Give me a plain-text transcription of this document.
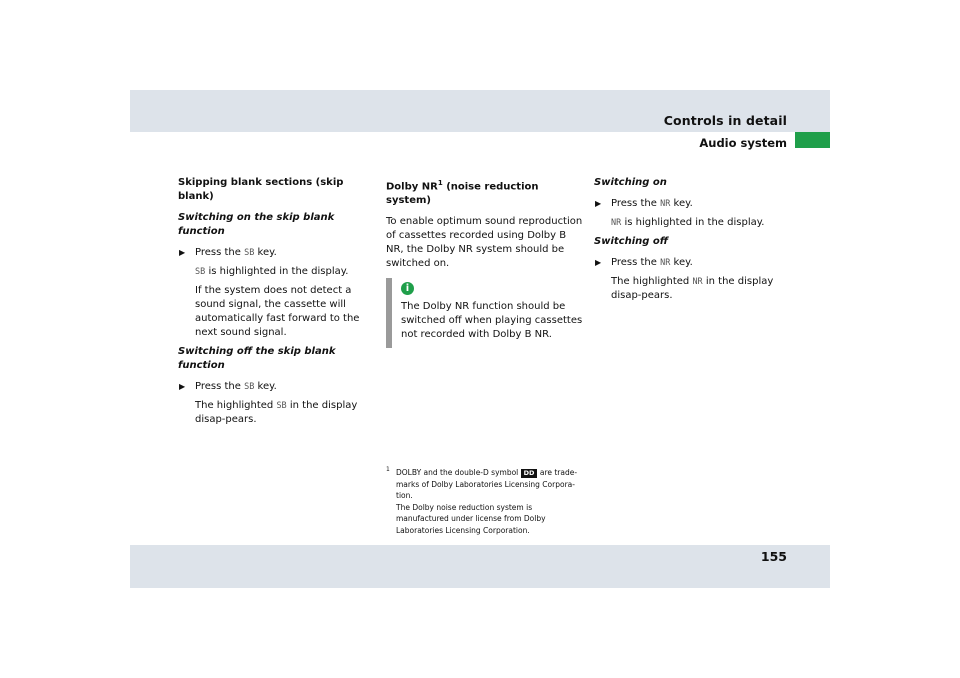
Controls in detail
Audio system

Skipping blank sections (skip blank)

Switching on the skip blank function

▶ Press the SB key.
SB is highlighted in the display.
If the system does not detect a sound signal, the cassette will automatically fast forward to the next sound signal.

Switching off the skip blank function

▶ Press the SB key.
The highlighted SB in the display disap-pears.

Dolby $NR^1$ (noise reduction system)

To enable optimum sound reproduction of cassettes recorded using Dolby B NR, the Dolby NR system should be switched on.

i

The Dolby NR function should be switched off when playing cassettes not recorded with Dolby B NR.

1 DOLBY and the double-D symbol DD are trade-marks of Dolby Laboratories Licensing Corpora-tion.
The Dolby noise reduction system is manufactured under license from Dolby Laboratories Licensing Corporation.

Switching on

▶ Press the NR key.
NR is highlighted in the display.

Switching off

▶ Press the NR key.
The highlighted NR in the display disap-pears.
155
